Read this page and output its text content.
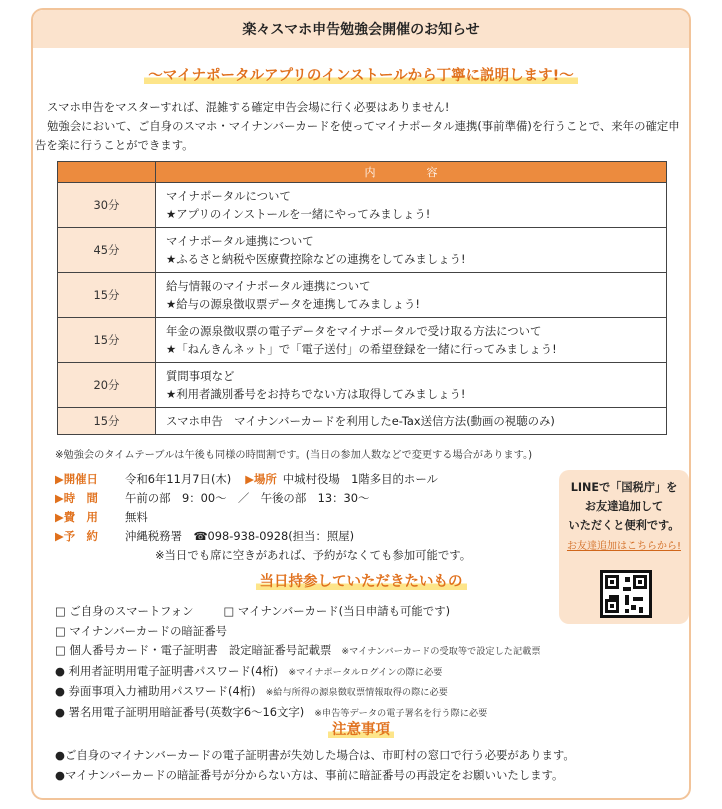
楽々スマホ申告勉強会開催のお知らせ
〜マイナポータルアプリのインストールから丁寧に説明します!〜

スマホ申告をマスターすれば、混雑する確定申告会場に行く必要はありません!

勉強会において、ご自身のスマホ・マイナンバーカードを使ってマイナポータル連携(事前準備)を行うことで、来年の確定申告を楽に行うことができます。

	内　容
30分	マイナポータルについて
★アプリのインストールを一緒にやってみましょう!

45分	マイナポータル連携について
★ふるさと納税や医療費控除などの連携をしてみましょう!

15分	給与情報のマイナポータル連携について
★給与の源泉徴収票データを連携してみましょう!

15分	年金の源泉徴収票の電子データをマイナポータルで受け取る方法について
★「ねんきんネット」で「電子送付」の希望登録を一緒に行ってみましょう!

20分	質問事項など
★利用者識別番号をお持ちでない方は取得してみましょう!

15分	スマホ申告　マイナンバーカードを利用したe-Tax送信方法(動画の視聴のみ)
※勉強会のタイムテーブルは午後も同様の時間割です。(当日の参加人数などで変更する場合があります。)
▶開催日	令和6年11月7日(木) ▶場所 中城村役場　1階多目的ホール
▶時　間	午前の部　9：00〜　／　午後の部　13：30〜
▶費　用	無料
▶予　約	沖縄税務署　☎098-938-0928(担当：照屋)
※当日でも席に空きがあれば、予約がなくても参加可能です。
LINEで「国税庁」を
お友達追加して
いただくと便利です。
お友達追加はこちらから!
当日持参していただきたいもの
□ ご自身のスマートフォン	□ マイナンバーカード(当日申請も可能です)
□ マイナンバーカードの暗証番号
□ 個人番号カード・電子証明書　設定暗証番号記載票 ※マイナンバーカードの受取等で設定した記載票
● 利用者証明用電子証明書パスワード(4桁) ※マイナポータルログインの際に必要
● 券面事項入力補助用パスワード(4桁) ※給与所得の源泉徴収票情報取得の際に必要
● 署名用電子証明用暗証番号(英数字6〜16文字) ※申告等データの電子署名を行う際に必要
注意事項
●ご自身のマイナンバーカードの電子証明書が失効した場合は、市町村の窓口で行う必要があります。
●マイナンバーカードの暗証番号が分からない方は、事前に暗証番号の再設定をお願いいたします。
